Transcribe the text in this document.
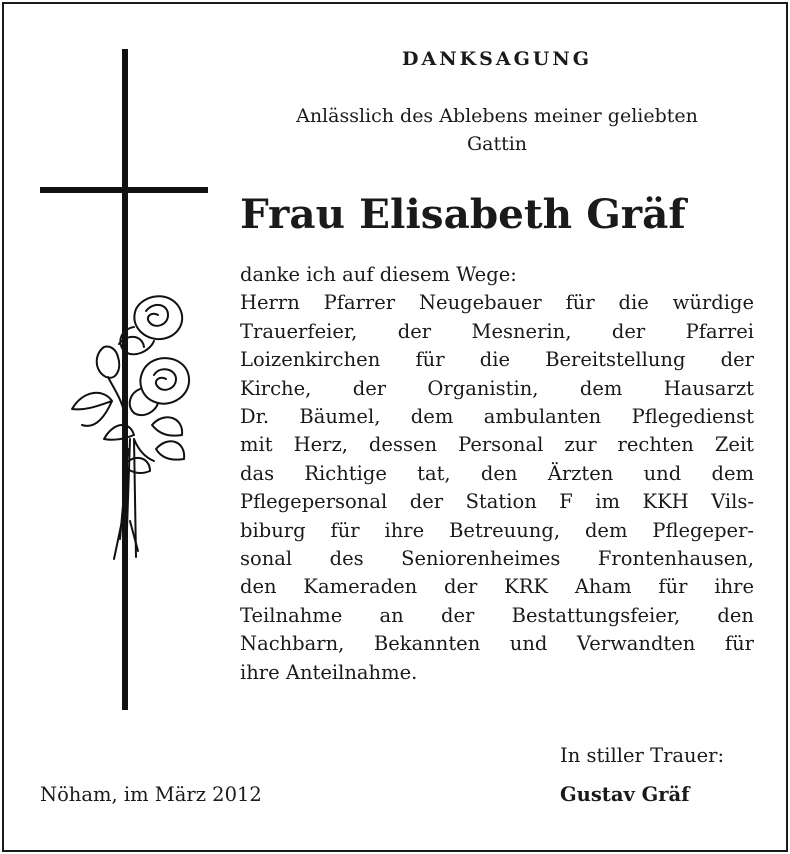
DANKSAGUNG
Anlässlich des Ablebens meiner geliebten
Gattin
Frau Elisabeth Gräf
danke ich auf diesem Wege:
Herrn Pfarrer Neugebauer für die würdige
Trauerfeier, der Mesnerin, der Pfarrei
Loizenkirchen für die Bereitstellung der
Kirche, der Organistin, dem Hausarzt
Dr. Bäumel, dem ambulanten Pflegedienst
mit Herz, dessen Personal zur rechten Zeit
das Richtige tat, den Ärzten und dem
Pflegepersonal der Station F im KKH Vils-
biburg für ihre Betreuung, dem Pflegeper-
sonal des Seniorenheimes Frontenhausen,
den Kameraden der KRK Aham für ihre
Teilnahme an der Bestattungsfeier, den
Nachbarn, Bekannten und Verwandten für
ihre Anteilnahme.
In stiller Trauer:
Gustav Gräf
Nöham, im März 2012
